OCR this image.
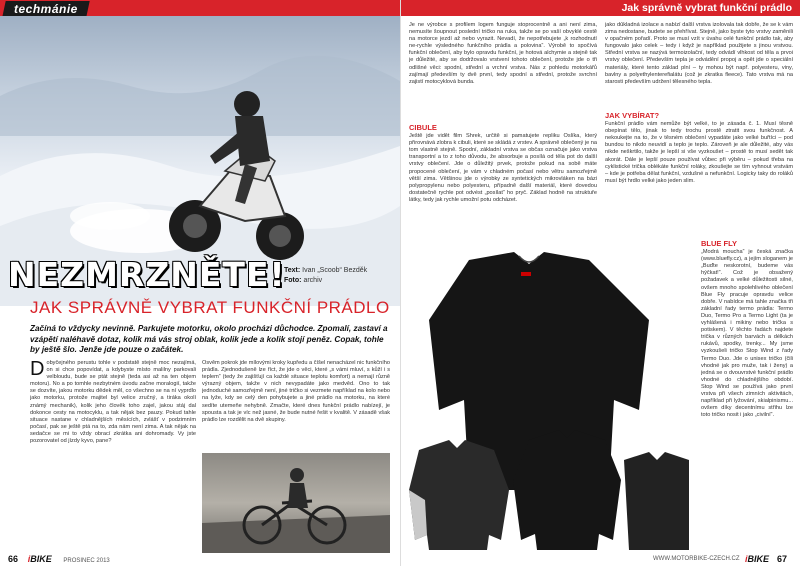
techmánie
NEZMRZNĚTE!
Text: Ivan „Scoob“ Bezděk
Foto: archiv
JAK SPRÁVNĚ VYBRAT FUNKČNÍ PRÁDLO
Začíná to vždycky nevinně. Parkujete motorku, okolo procházi důchodce. Zpomalí, zastaví a vzápětí naléhavě dotaz, kolik má vás stroj oblak, kolik jede a kolik stojí peněz. Copak, tohle by ještě šlo. Jenže jde pouze o začátek.
D obyčejného perustu tohle v podstatě stejně moc nezajímá, on si chce popovídat, a kdybyste místo malilny parkovali velbloudu, bude se ptát stejně (teda asi až na ten objem motoru). No a po tomhle nezbytném úvodu začne moralogií, takže se dozvíte, jakou motorku dědek měl, co všechno se na ní vyprdlo jako motorku, protože majitel byl velice zručný, a tiráka okolí známý mechanik), kolik jeho člověk toho zajel, jakou stáj dal dokonce cesty na motocyklu, a tak nějak bez pauzy. Pokud tahle situace nastane v chladnějších měsících, zvlášť v podzimním počasí, pak se ještě ptá na to, zda nám není zima. A tak nějak na sedačce se mi to vždy obrací zkrátka ani dohromady. Vy jste pozorovatel od jízdy kyvo, pane?
Osvěm pokrok jde mílovými kroky kupředu a číšel nenacházel nic funkčního prádla. Zjednodušeně lze říct, že jde o věci, které „s vámi mluví, s kůží i s teplem“ (tedy že zajišťují ca každé situace teplotu komfort) a nemají různě výrazný objem, takže v nich nevypadáte jako medvěd. Ono to tak jednoduché samozřejmě není, jiné tričko si vezmete například na kolo nebo na lyže, kdy se celý den pohybujete a jiné prádlo na motorku, na které sedíte utemeňe nehybně. Zmačte, které dnes funkční prádlo nabízejí, je spousta a tak je víc než jasné, že bude nutné řešit v kvalitě. V zásadě však prádlo lze rozdělit na dvě skupiny.
66 iBIKE PROSINEC 2013
Jak správně vybrat funkční prádlo
Je ne výrobce s profilem logem funguje stoprocentně a ani není zima, nemusíte šoupnout poslední tričko na ruka, takže se po vaší obvyklé cestě na motorce jezdí až nebo vyrazit. Nevadí, že nepotřebujete „k rozhodnutí ne-rychle výsledného funkčního prádla a polovina“. Výrobě to spočívá funkční oblečení, aby bylo opravdu funkční, je hotová alchymie a stejně tak je důležité, aby se dodržovalo vrstvení tohoto oblečení, protože jde o tři odlišné věci: spodní, střední a vrchní vrstva. Nás z pohledu motorkářů zajímají především ty dvě první, tedy spodní a střední, protože svrchní zajistí motocyklová bunda.
CIBULE
Ještě jde vidět film Shrek, určitě si pamatujete repliku Oslíka, který přirovnává zlobra k cibuli, které se skládá z vrstev. A správně oblečený je na tom vlastně stejně. Spodní, základní vrstva se občas označuje jako vrstva transportní a to z toho důvodu, že absorbuje a posílá od těla pot do další vrstvy oblečení. Jde o důležitý prvek, protože pokud na sobě máte propocené oblečení, je vám v chladném počasí nebo větru samozřejmě větší zima. Většinou jde o výrobky ze syntetických mikrovláken na bázi polypropylenu nebo polyesteru, případně další materiál, které dovedou dostatečně rychle pot odvést „posílat“ ho pryč. Základ hodně na struktuře látky, tedy jak rychle umožní potu odcházet.
jako důkladná izolace a nabízí další vrstva izolovala tak dobře, že se k vám zima nedostane, budete se přehřívat. Stejně, jako byste tyto vrstvy zaměnili v opačném pořadí. Proto se musí vzít v úvahu celé funkční prádlo tak, aby fungovalo jako celek – tedy i když je například použijete s jinou vrstvou. Střední vrstva se nazývá termoizolační, tedy odvádí vlhkost od těla a prvoi vrstvy oblečení. Především tepla je odvádění propoj a opět jde o speciální materiály, které tento základ plní – ty mohou být např. polyesteru, viny, bavlny a polyethylenterefialátu (což je zkratka fleece). Tato vrstva má na starosti především udržení tělesného tepla.
JAK VYBÍRAT?
Funkční prádlo vám nemůže být velké, to je zásada č. 1. Musí těsně obepínat tělo, jinak to tedy trochu prostě ztratit svou funkčnost. A nekoukejte na to, že v těsném oblečení vypadáte jako velké buřtíci – pod bundou to nikdo neuvidí a teplo je teplo. Zároveň je ale důležité, aby vás nikde neškrtilo, takže je lepší si vše vyzkoušet – prostě to musí sedět tak akorát. Dále je lepší pouze používat vůbec při výběru – pokud třeba na cyklistické trička oblékáte funkční roláky, zkoušejte se tím vyhnout vrstvám – kde je potřeba dělat funkční, vzdušné a nefunkční. Logicky taky do roláků musí být hrdlo velké jako jeden slim.
BLUE FLY
„Modrá moucha“ je česká značka (www.bluefly.cz), a jejím sloganem je „Buďte neskorotní, budeme vás hýčkat!“. Což je obsažený požadavek a velké důležitosti silné, ovšem mnoho spolehlivého oblečení Blue Fly pracuje opravdu velice dobře. V nabídce má tahle značka tři základní řady termo prádla: Termo Duo, Termo Pro a Termo Light (ta je vyhlášená i mikiny nebo trička s potiskem). V těchto řadách najdete trička v různých barvách a délkách rukávů, spodky, trenky... My jsme vyzkoušeli tričko Stop Wind z řady Termo Duo. Jde o unisex tričko (čili vhodné jak pro muže, tak i ženy) a jedná se o dvouvrstvé funkční prádlo vhodné do chladnějšího období. Stop Wind se používá jako první vrstva při všech zimních aktivitách, například při lyžování, skialpinismu... ovšem díky decentnímu střihu lze toto tričko nosit i jako „civilní“.
WWW.MOTORBIKE-CZECH.CZ iBIKE 67
